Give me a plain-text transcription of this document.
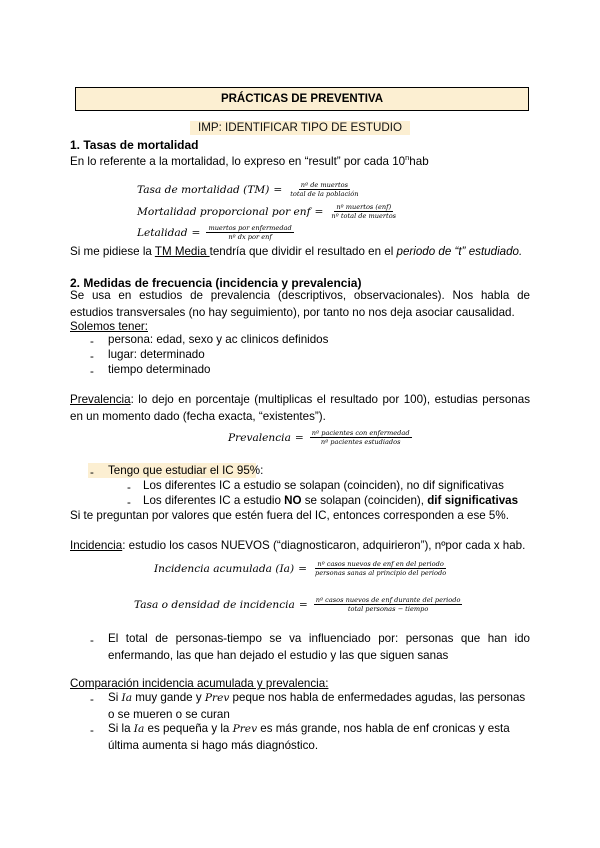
PRÁCTICAS DE PREVENTIVA
IMP: IDENTIFICAR TIPO DE ESTUDIO
1. Tasas de mortalidad
En lo referente a la mortalidad, lo expreso en “result” por cada 10$^n$hab
Tasa de mortalidad $(TM) = \frac{\text{nº de muertos}}{\text{total de la población}}$
Mortalidad proporcional por enf = $\frac{\text{nº muertos (enf)}}{\text{nº total de muertos}}$
Letalidad = $\frac{\text{muertos por enfermedad}}{\text{nº dx por enf}}$
Si me pidiese la TM Media tendría que dividir el resultado en el periodo de “t” estudiado.
2. Medidas de frecuencia (incidencia y prevalencia)
Se usa en estudios de prevalencia (descriptivos, observacionales). Nos habla de estudios transversales (no hay seguimiento), por tanto no nos deja asociar causalidad.
Solemos tener:
- persona: edad, sexo y ac clinicos definidos
- lugar: determinado
- tiempo determinado
Prevalencia: lo dejo en porcentaje (multiplicas el resultado por 100), estudias personas en un momento dado (fecha exacta, “existentes”).
Prevalencia = $\frac{\text{nº pacientes con enfermedad}}{\text{nº pacientes estudiados}}$
- Tengo que estudiar el IC 95%:
- Los diferentes IC a estudio se solapan (coinciden), no dif significativas
- Los diferentes IC a estudio NO se solapan (coinciden), dif significativas
Si te preguntan por valores que estén fuera del IC, entonces corresponden a ese 5%.
Incidencia: estudio los casos NUEVOS (“diagnosticaron, adquirieron”), nºpor cada x hab.
Incidencia acumulada $(Ia) = \frac{\text{nº casos nuevos de enf en del periodo}}{\text{personas sanas al principio del periodo}}$
Tasa o densidad de incidencia = $\frac{\text{nº casos nuevos de enf durante del periodo}}{\text{total personas − tiempo}}$
- El total de personas-tiempo se va influenciado por: personas que han ido enfermando, las que han dejado el estudio y las que siguen sanas
Comparación incidencia acumulada y prevalencia:
- Si Ia muy gande y Prev peque nos habla de enfermedades agudas, las personas o se mueren o se curan
- Si la Ia es pequeña y la Prev es más grande, nos habla de enf cronicas y esta última aumenta si hago más diagnóstico.
